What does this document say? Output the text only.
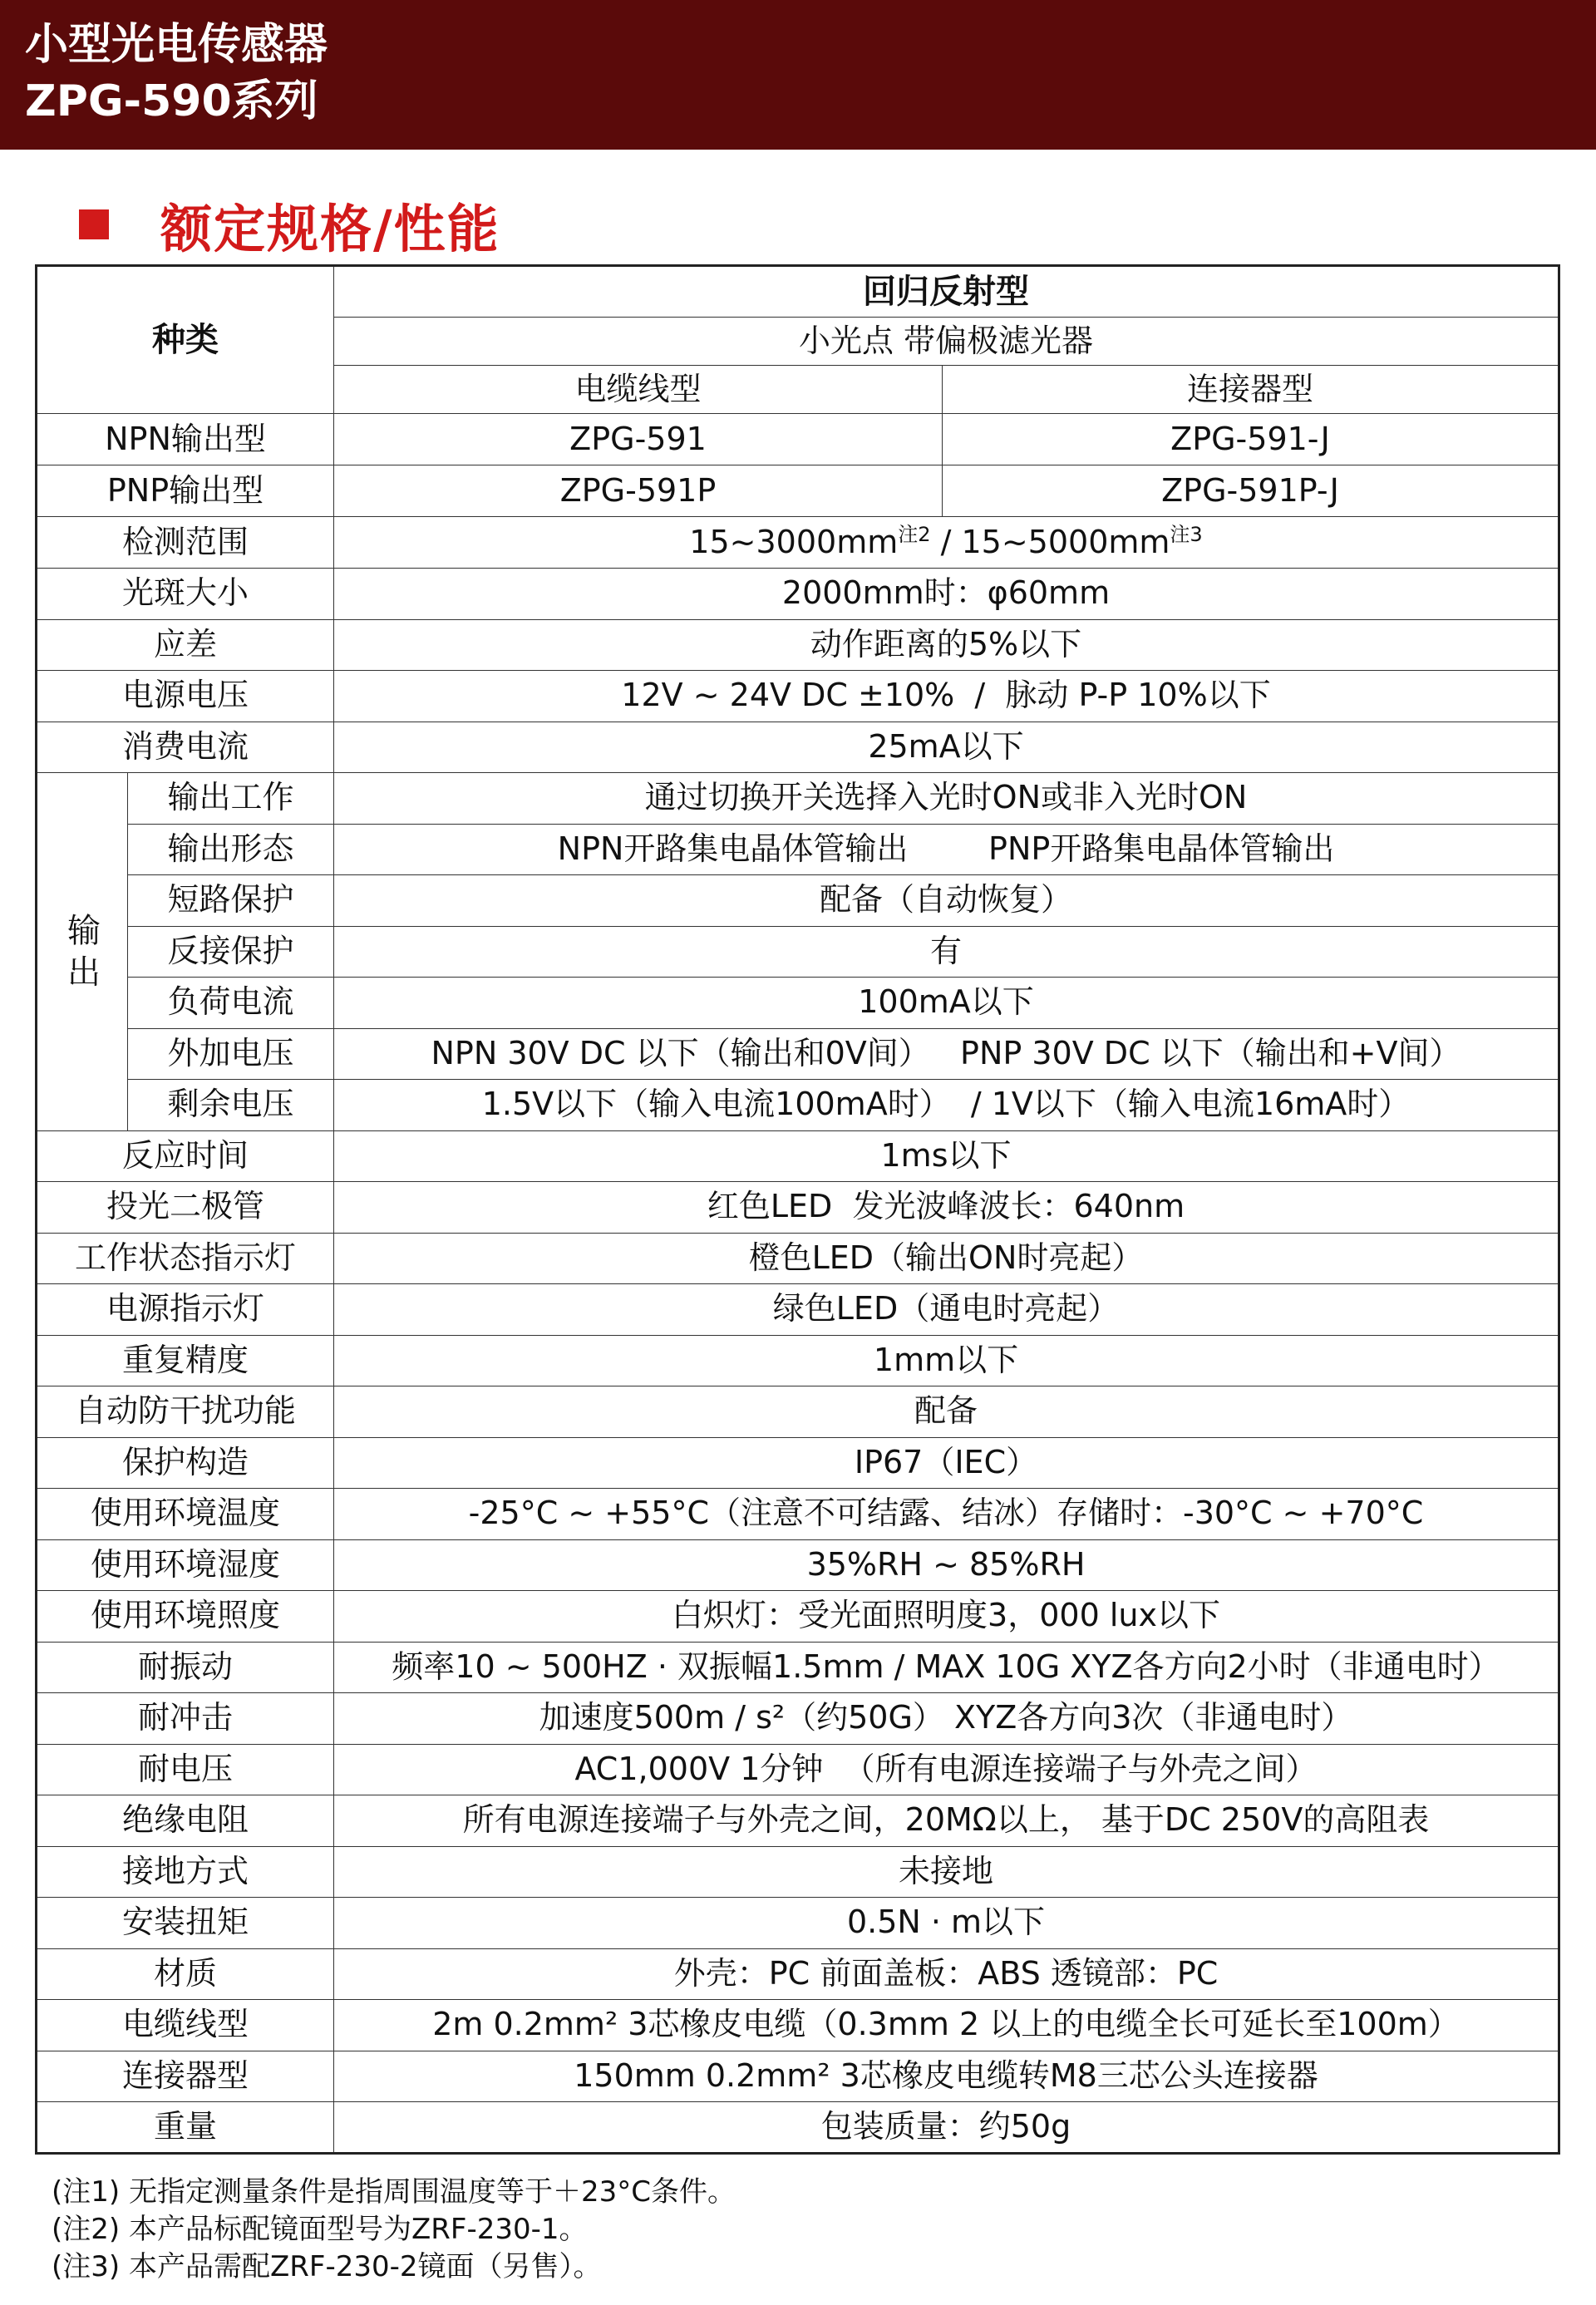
小型光电传感器
ZPG-590系列
额定规格/性能
种类		回归反射型	
		小光点 带偏极滤光器	
		电缆线型	连接器型
NPN输出型		ZPG-591	ZPG-591-J
PNP输出型		ZPG-591P	ZPG-591P-J
检测范围		$15\sim 3000mm^{注2}$ / $15\sim 5000mm^{注3}$
光斑大小		2000mm时：φ60mm	
应差		动作距离的5%以下	
电源电压		12V ~ 24V DC ±10%  /  脉动 P-P 10%以下	
消费电流		25mA以下	
输出	输出工作	通过切换开关选择入光时ON或非入光时ON	
	输出形态	NPN开路集电晶体管输出        PNP开路集电晶体管输出	
	短路保护	配备（自动恢复）	
	反接保护	有	
	负荷电流	100mA以下	
	外加电压	NPN 30V DC 以下（输出和0V间）   PNP 30V DC 以下（输出和+V间）	
	剩余电压	1.5V以下（输入电流100mA时）  / 1V以下（输入电流16mA时）	
反应时间		1ms以下	
投光二极管		红色LED  发光波峰波长：640nm	
工作状态指示灯		橙色LED（输出ON时亮起）	
电源指示灯		绿色LED（通电时亮起）	
重复精度		1mm以下	
自动防干扰功能		配备	
保护构造		IP67（IEC）	
使用环境温度		-25°C ~ +55°C（注意不可结露、结冰）存储时：-30°C ~ +70°C	
使用环境湿度		35%RH ~ 85%RH	
使用环境照度		白炽灯：受光面照明度3，000 lux以下	
耐振动		频率10 ~ 500HZ · 双振幅1.5mm / MAX 10G XYZ各方向2小时（非通电时）	
耐冲击		加速度500m / s²（约50G） XYZ各方向3次（非通电时）	
耐电压		AC1,000V 1分钟  （所有电源连接端子与外壳之间）	
绝缘电阻		所有电源连接端子与外壳之间，20MΩ以上， 基于DC 250V的高阻表	
接地方式		未接地	
安装扭矩		0.5N · m以下	
材质		外壳：PC 前面盖板：ABS 透镜部：PC	
电缆线型		2m 0.2mm² 3芯橡皮电缆（0.3mm 2 以上的电缆全长可延长至100m）	
连接器型		150mm 0.2mm² 3芯橡皮电缆转M8三芯公头连接器	
重量		包装质量：约50g	
(注1) 无指定测量条件是指周围温度等于＋23°C条件。
(注2) 本产品标配镜面型号为ZRF-230-1。
(注3) 本产品需配ZRF-230-2镜面（另售）。
